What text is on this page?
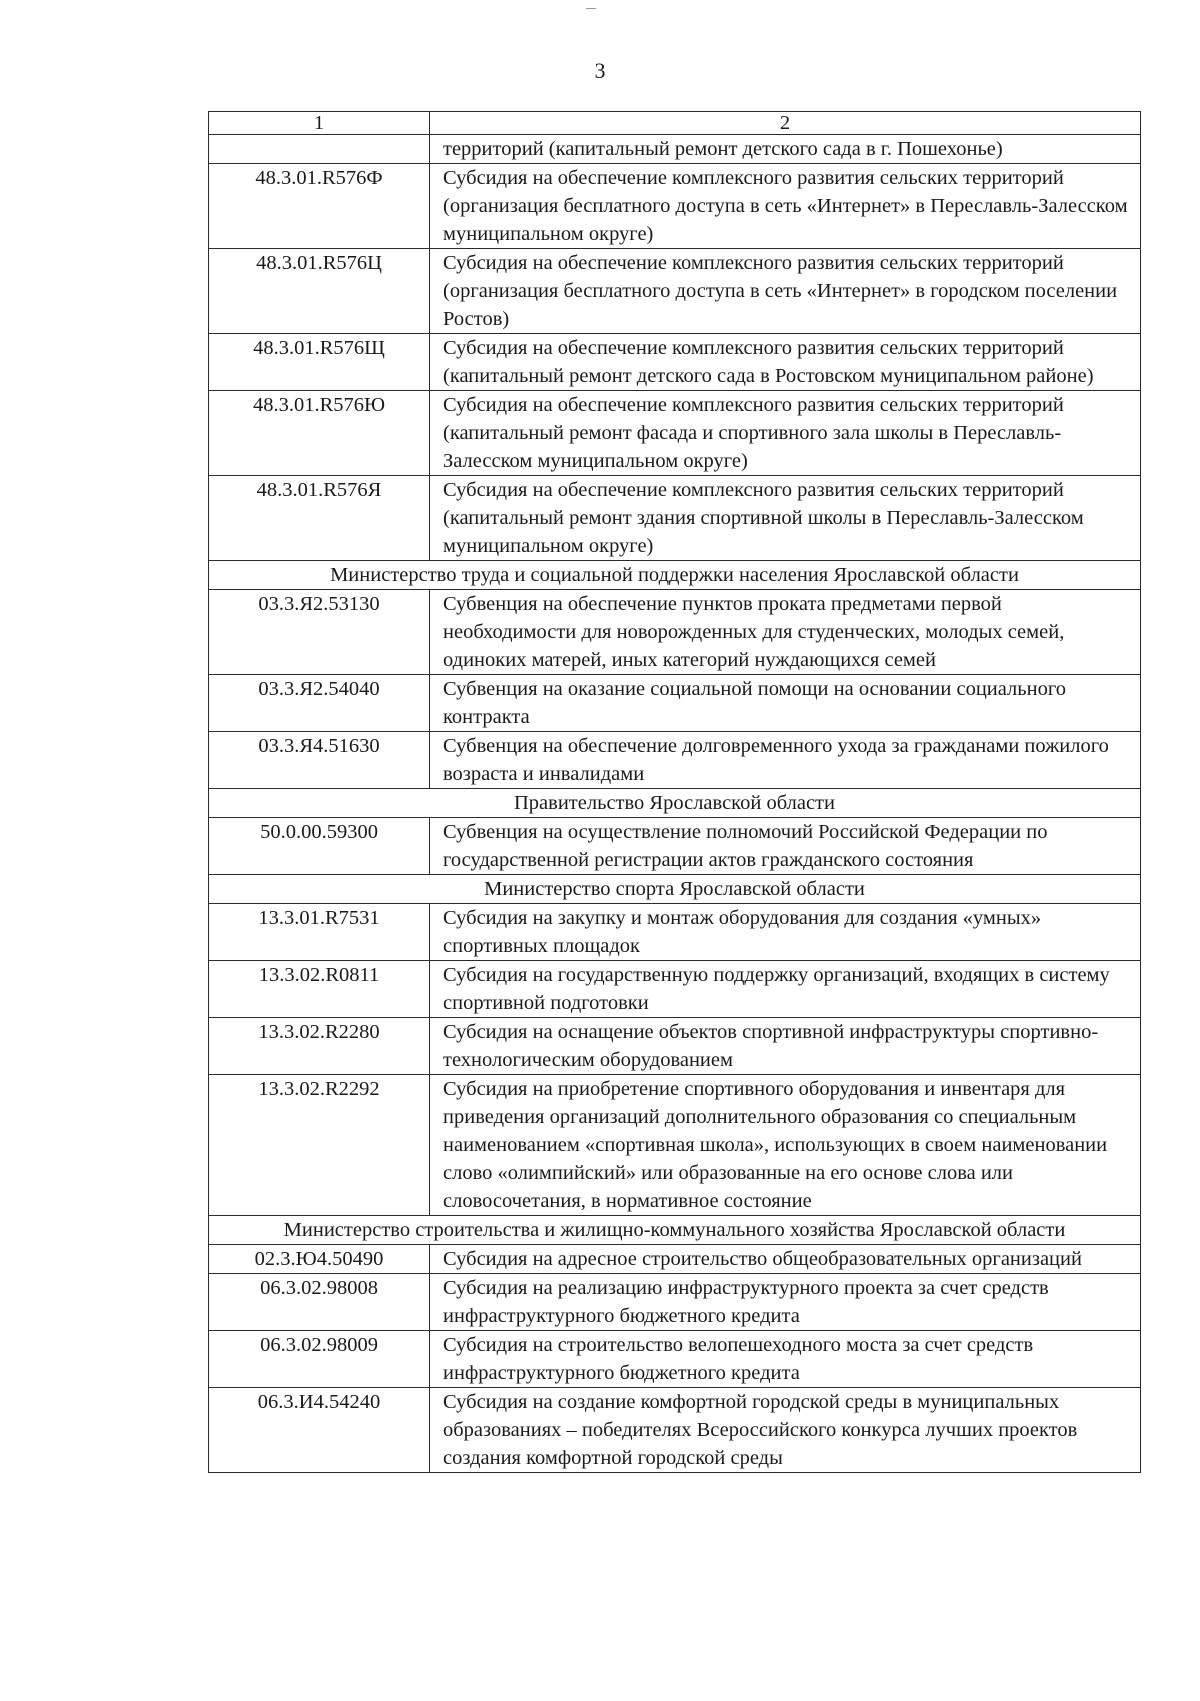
3
1	2
	территорий (капитальный ремонт детского сада в г. Пошехонье)
48.3.01.R576Ф	Субсидия на обеспечение комплексного развития сельских территорий (организация бесплатного доступа в сеть «Интернет» в Переславль-Залесском муниципальном округе)
48.3.01.R576Ц	Субсидия на обеспечение комплексного развития сельских территорий (организация бесплатного доступа в сеть «Интернет» в городском поселении Ростов)
48.3.01.R576Щ	Субсидия на обеспечение комплексного развития сельских территорий (капитальный ремонт детского сада в Ростовском муниципальном районе)
48.3.01.R576Ю	Субсидия на обеспечение комплексного развития сельских территорий (капитальный ремонт фасада и спортивного зала школы в Переславль-Залесском муниципальном округе)
48.3.01.R576Я	Субсидия на обеспечение комплексного развития сельских территорий (капитальный ремонт здания спортивной школы в Переславль-Залесском муниципальном округе)
Министерство труда и социальной поддержки населения Ярославской области	
03.3.Я2.53130	Субвенция на обеспечение пунктов проката предметами первой необходимости для новорожденных для студенческих, молодых семей, одиноких матерей, иных категорий нуждающихся семей
03.3.Я2.54040	Субвенция на оказание социальной помощи на основании социального контракта
03.3.Я4.51630	Субвенция на обеспечение долговременного ухода за гражданами пожилого возраста и инвалидами
Правительство Ярославской области	
50.0.00.59300	Субвенция на осуществление полномочий Российской Федерации по государственной регистрации актов гражданского состояния
Министерство спорта Ярославской области	
13.3.01.R7531	Субсидия на закупку и монтаж оборудования для создания «умных» спортивных площадок
13.3.02.R0811	Субсидия на государственную поддержку организаций, входящих в систему спортивной подготовки
13.3.02.R2280	Субсидия на оснащение объектов спортивной инфраструктуры спортивно-технологическим оборудованием
13.3.02.R2292	Субсидия на приобретение спортивного оборудования и инвентаря для приведения организаций дополнительного образования со специальным наименованием «спортивная школа», использующих в своем наименовании слово «олимпийский» или образованные на его основе слова или словосочетания, в нормативное состояние
Министерство строительства и жилищно-коммунального хозяйства Ярославской области	
02.3.Ю4.50490	Субсидия на адресное строительство общеобразовательных организаций
06.3.02.98008	Субсидия на реализацию инфраструктурного проекта за счет средств инфраструктурного бюджетного кредита
06.3.02.98009	Субсидия на строительство велопешеходного моста за счет средств инфраструктурного бюджетного кредита
06.3.И4.54240	Субсидия на создание комфортной городской среды в муниципальных образованиях – победителях Всероссийского конкурса лучших проектов создания комфортной городской среды
